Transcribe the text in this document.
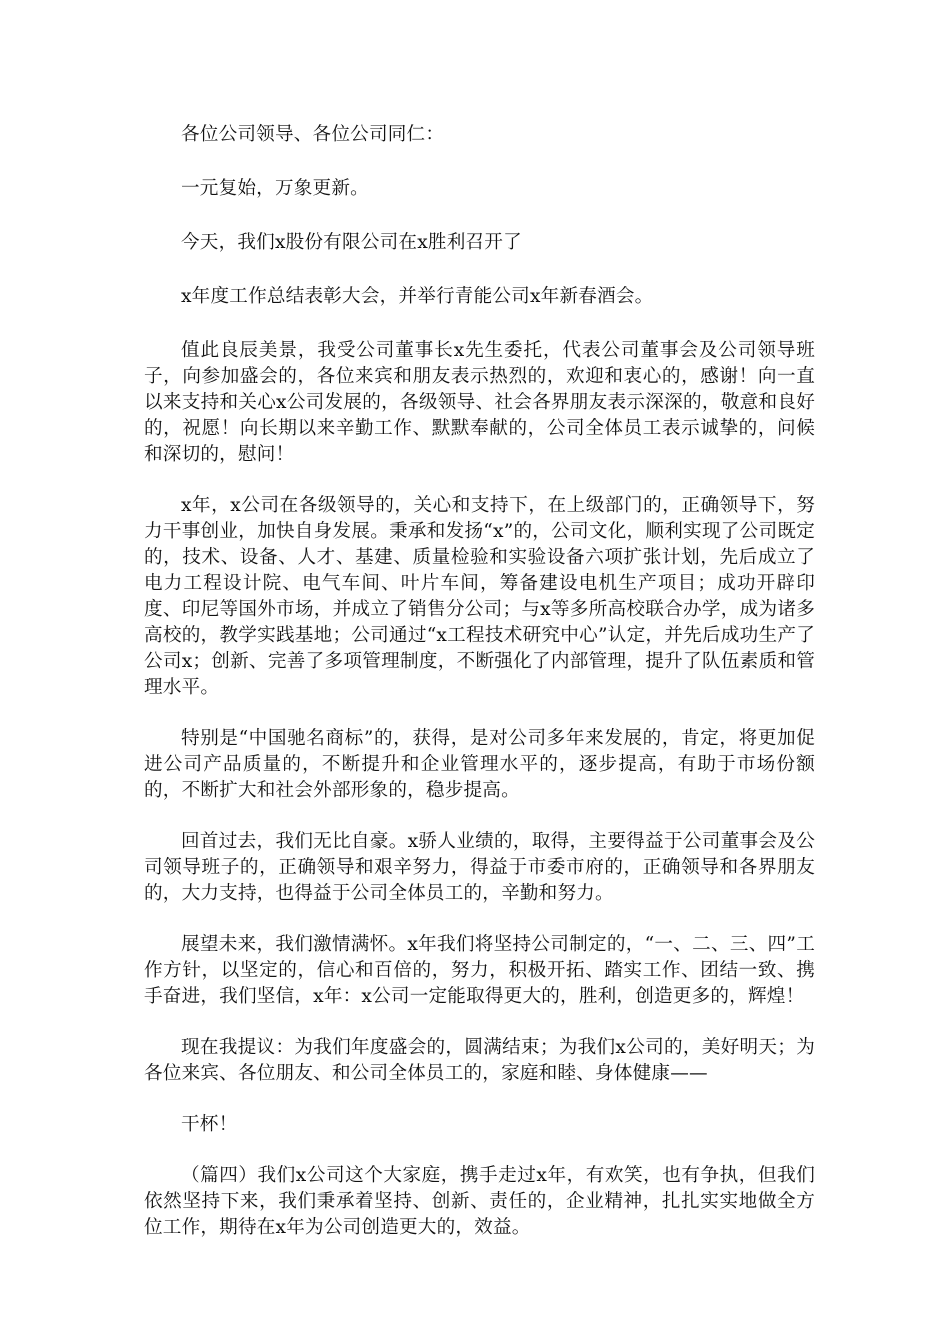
各位公司领导、各位公司同仁：

一元复始，万象更新。

今天，我们x股份有限公司在x胜利召开了

x年度工作总结表彰大会，并举行青能公司x年新春酒会。

值此良辰美景，我受公司董事长x先生委托，代表公司董事会及公司领导班子，向参加盛会的，各位来宾和朋友表示热烈的，欢迎和衷心的，感谢！向一直以来支持和关心x公司发展的，各级领导、社会各界朋友表示深深的，敬意和良好的，祝愿！向长期以来辛勤工作、默默奉献的，公司全体员工表示诚挚的，问候和深切的，慰问！

x年，x公司在各级领导的，关心和支持下，在上级部门的，正确领导下，努力干事创业，加快自身发展。秉承和发扬“x”的，公司文化，顺利实现了公司既定的，技术、设备、人才、基建、质量检验和实验设备六项扩张计划，先后成立了电力工程设计院、电气车间、叶片车间，筹备建设电机生产项目；成功开辟印度、印尼等国外市场，并成立了销售分公司；与x等多所高校联合办学，成为诸多高校的，教学实践基地；公司通过“x工程技术研究中心”认定，并先后成功生产了公司x；创新、完善了多项管理制度，不断强化了内部管理，提升了队伍素质和管理水平。

特别是“中国驰名商标”的，获得，是对公司多年来发展的，肯定，将更加促进公司产品质量的，不断提升和企业管理水平的，逐步提高，有助于市场份额的，不断扩大和社会外部形象的，稳步提高。

回首过去，我们无比自豪。x骄人业绩的，取得，主要得益于公司董事会及公司领导班子的，正确领导和艰辛努力，得益于市委市府的，正确领导和各界朋友的，大力支持，也得益于公司全体员工的，辛勤和努力。

展望未来，我们激情满怀。x年我们将坚持公司制定的，“一、二、三、四”工作方针，以坚定的，信心和百倍的，努力，积极开拓、踏实工作、团结一致、携手奋进，我们坚信，x年：x公司一定能取得更大的，胜利，创造更多的，辉煌！

现在我提议：为我们年度盛会的，圆满结束；为我们x公司的，美好明天；为各位来宾、各位朋友、和公司全体员工的，家庭和睦、身体健康——

干杯！

（篇四）我们x公司这个大家庭，携手走过x年，有欢笑，也有争执，但我们依然坚持下来，我们秉承着坚持、创新、责任的，企业精神，扎扎实实地做全方位工作，期待在x年为公司创造更大的，效益。
